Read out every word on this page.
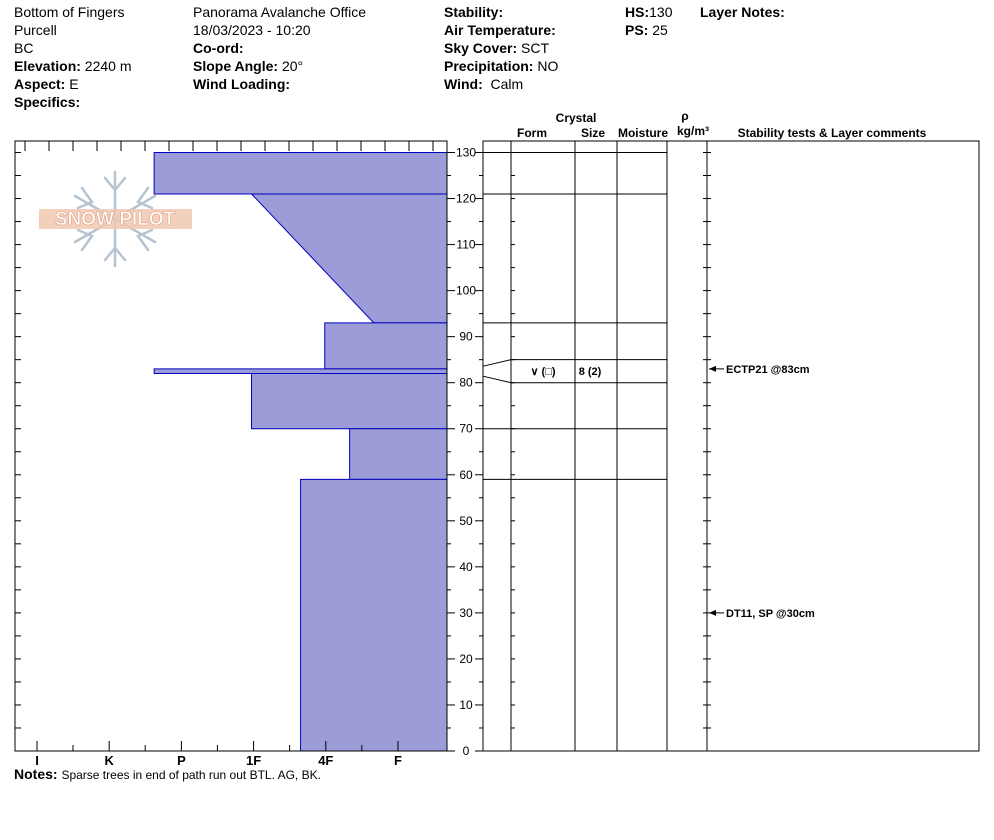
Bottom of Fingers
Purcell
BC
Elevation: 2240 m
Aspect: E
Specifics:
Panorama Avalanche Office
18/03/2023 - 10:20
Co-ord:
Slope Angle: 20°
Wind Loading:
Stability:
Air Temperature:
Sky Cover: SCT
Precipitation: NO
Wind: Calm
HS:130
PS: 25
Layer Notes:
SNOW PILOT
I	K	P	1F	4F	F
0
10
20
30
40
50
60
70
80
90
100
110
120
130
∨ (□) 8 (2)	ECTP21 @83cm
DT11, SP @30cm
Crystal
Form	Size Moisture
ρ
kg/m³ Stability tests & Layer comments
Notes: Sparse trees in end of path run out BTL. AG, BK.
